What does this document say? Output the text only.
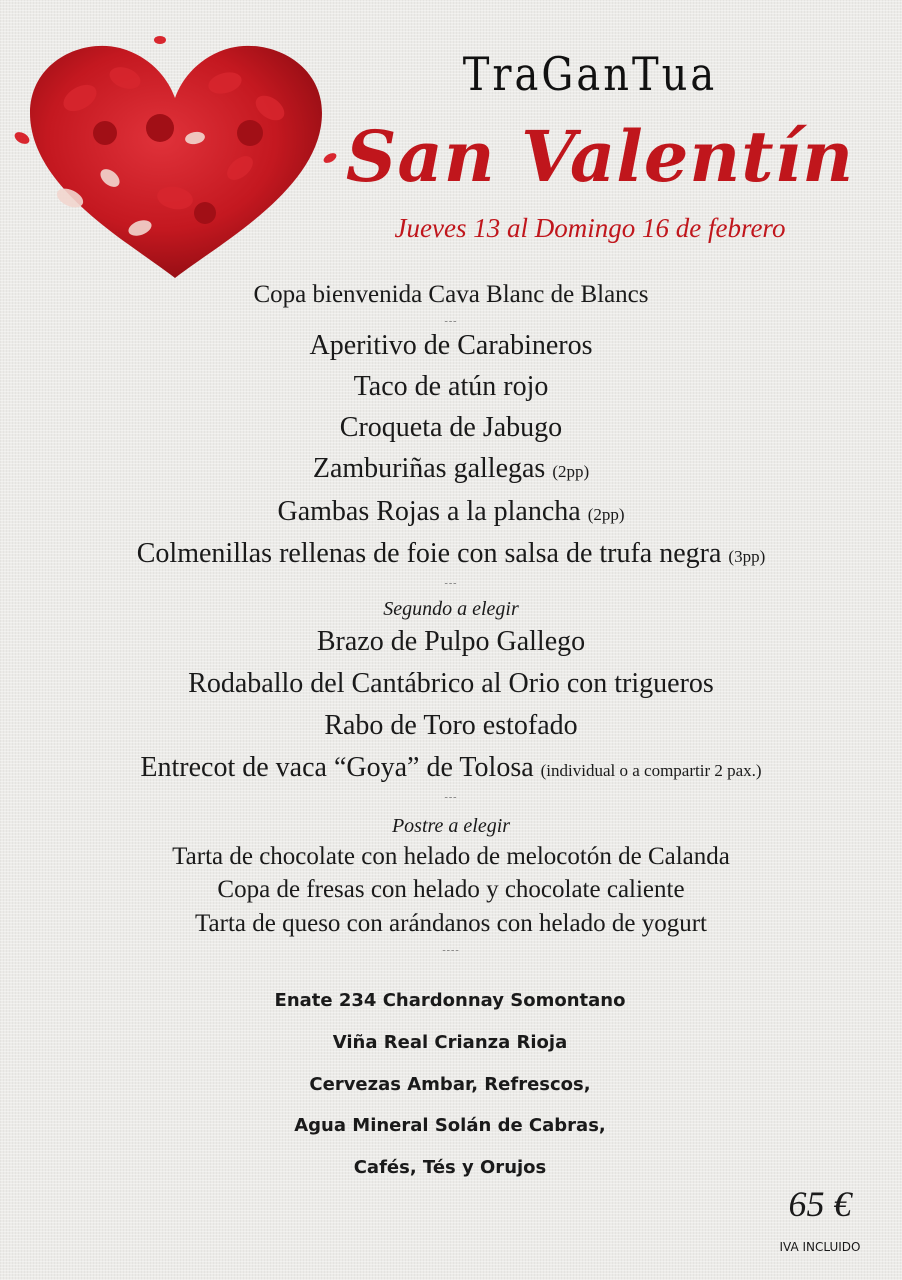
TraGanTua
San Valentín
Jueves 13 al Domingo 16 de febrero
Copa bienvenida Cava Blanc de Blancs
---
Aperitivo de Carabineros
Taco de atún rojo
Croqueta de Jabugo
Zamburiñas gallegas (2pp)
Gambas Rojas a la plancha (2pp)
Colmenillas rellenas de foie con salsa de trufa negra (3pp)
---
Segundo a elegir
Brazo de Pulpo Gallego
Rodaballo del Cantábrico al Orio con trigueros
Rabo de Toro estofado
Entrecot de vaca “Goya” de Tolosa (individual o a compartir 2 pax.)
---
Postre a elegir
Tarta de chocolate con helado de melocotón de Calanda
Copa de fresas con helado y chocolate caliente
Tarta de queso con arándanos con helado de yogurt
----
Enate 234 Chardonnay Somontano
Viña Real Crianza Rioja
Cervezas Ambar, Refrescos,
Agua Mineral Solán de Cabras,
Cafés, Tés y Orujos
65 €
IVA INCLUIDO
